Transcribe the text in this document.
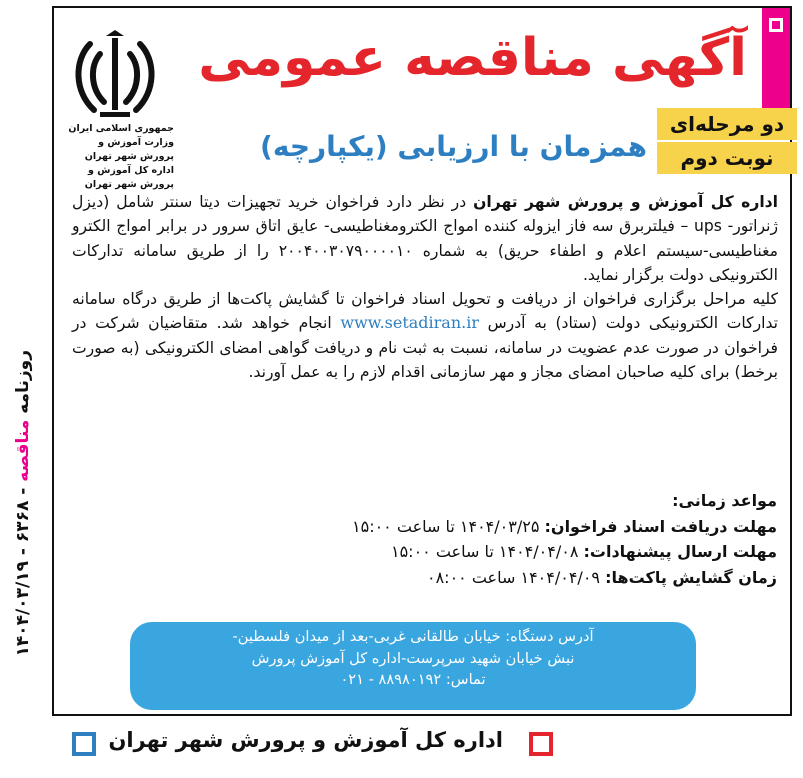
آگهی مناقصه عمومی
جمهوری اسلامی ایران
وزارت آموزش و پرورش شهر تهران
اداره کل آموزش و پرورش شهر تهران
دو مرحله‌ای
نوبت دوم
همزمان با ارزیابی (یکپارچه)
اداره کل آموزش و پرورش شهر تهران در نظر دارد فراخوان خرید تجهیزات دیتا سنتر شامل (دیزل ژنراتور- ups – فیلتربرق سه فاز ایزوله کننده امواج الکترومغناطیسی- عایق اتاق سرور در برابر امواج الکترو مغناطیسی-سیستم اعلام و اطفاء حریق) به شماره ۲۰۰۴۰۰۳۰۷۹۰۰۰۰۱۰ را از طریق سامانه تدارکات الکترونیکی دولت برگزار نماید.
کلیه مراحل برگزاری فراخوان از دریافت و تحویل اسناد فراخوان تا گشایش پاکت‌ها از طریق درگاه سامانه تدارکات الکترونیکی دولت (ستاد) به آدرس www.setadiran.ir انجام خواهد شد. متقاضیان شرکت در فراخوان در صورت عدم عضویت در سامانه، نسبت به ثبت نام و دریافت گواهی امضای الکترونیکی (به صورت برخط) برای کلیه صاحبان امضای مجاز و مهر سازمانی اقدام لازم را به عمل آورند.
مواعد زمانی:
مهلت دریافت اسناد فراخوان: ۱۴۰۴/۰۳/۲۵ تا ساعت ۱۵:۰۰
مهلت ارسال پیشنهادات: ۱۴۰۴/۰۴/۰۸ تا ساعت ۱۵:۰۰
زمان گشایش پاکت‌ها: ۱۴۰۴/۰۴/۰۹ ساعت ۰۸:۰۰
آدرس دستگاه: خیابان طالقانی غربی-بعد از میدان فلسطین-
نبش خیابان شهید سرپرست-اداره کل آموزش پرورش
تماس: ۸۸۹۸۰۱۹۲ - ۰۲۱
روزنامه مناقصه - ۶۳۶۸ - ۱۴۰۴/۰۳/۱۹
اداره کل آموزش و پرورش شهر تهران
